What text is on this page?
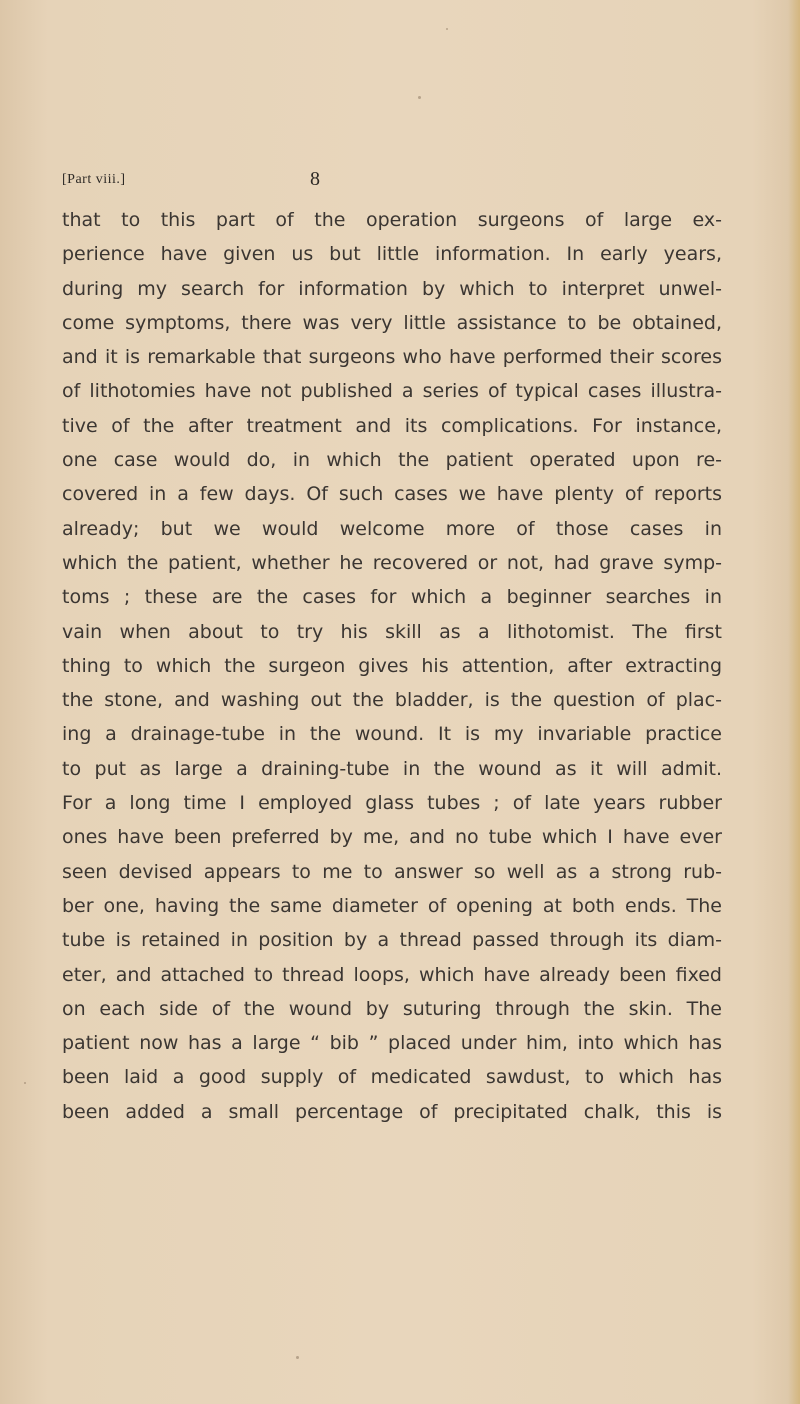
[Part viii.]	8
that to this part of the operation surgeons of large ex-
perience have given us but little information. In early years,
during my search for information by which to interpret unwel-
come symptoms, there was very little assistance to be obtained,
and it is remarkable that surgeons who have performed their scores
of lithotomies have not published a series of typical cases illustra-
tive of the after treatment and its complications. For instance,
one case would do, in which the patient operated upon re-
covered in a few days. Of such cases we have plenty of reports
already; but we would welcome more of those cases in
which the patient, whether he recovered or not, had grave symp-
toms ; these are the cases for which a beginner searches in
vain when about to try his skill as a lithotomist. The first
thing to which the surgeon gives his attention, after extracting
the stone, and washing out the bladder, is the question of plac-
ing a drainage-tube in the wound. It is my invariable practice
to put as large a draining-tube in the wound as it will admit.
For a long time I employed glass tubes ; of late years rubber
ones have been preferred by me, and no tube which I have ever
seen devised appears to me to answer so well as a strong rub-
ber one, having the same diameter of opening at both ends. The
tube is retained in position by a thread passed through its diam-
eter, and attached to thread loops, which have already been fixed
on each side of the wound by suturing through the skin. The
patient now has a large “ bib ” placed under him, into which has
been laid a good supply of medicated sawdust, to which has
been added a small percentage of precipitated chalk, this is
